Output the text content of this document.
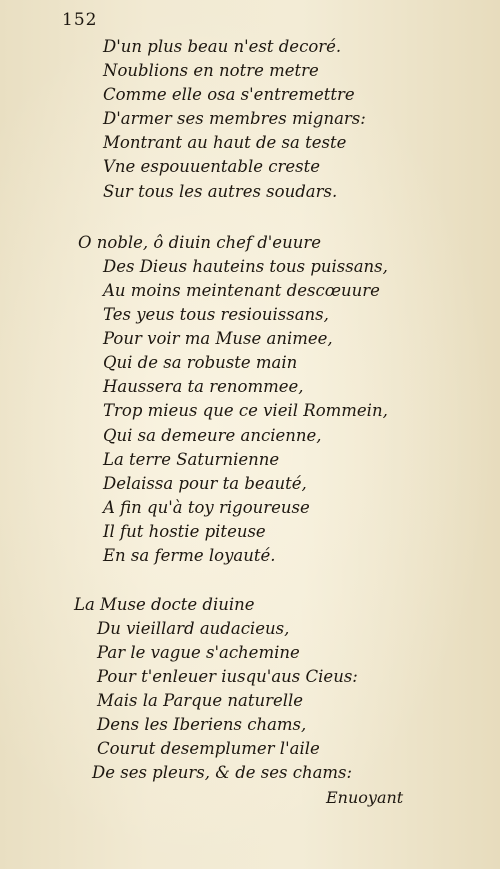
152
D'un plus beau n'est decoré.
Noublions en notre metre
Comme elle osa s'entremettre
D'armer ses membres mignars:
Montrant au haut de sa teste
Vne espouuentable creste
Sur tous les autres soudars.
O noble, ô diuin chef d'euure
Des Dieus hauteins tous puissans,
Au moins meintenant descœuure
Tes yeus tous resiouissans,
Pour voir ma Muse animee,
Qui de sa robuste main
Haussera ta renommee,
Trop mieus que ce vieil Rommein,
Qui sa demeure ancienne,
La terre Saturnienne
Delaissa pour ta beauté,
A fin qu'à toy rigoureuse
Il fut hostie piteuse
En sa ferme loyauté.
La Muse docte diuine
Du vieillard audacieus,
Par le vague s'achemine
Pour t'enleuer iusqu'aus Cieus:
Mais la Parque naturelle
Dens les Iberiens chams,
Courut desemplumer l'aile
De ses pleurs, & de ses chams:
Enuoyant
